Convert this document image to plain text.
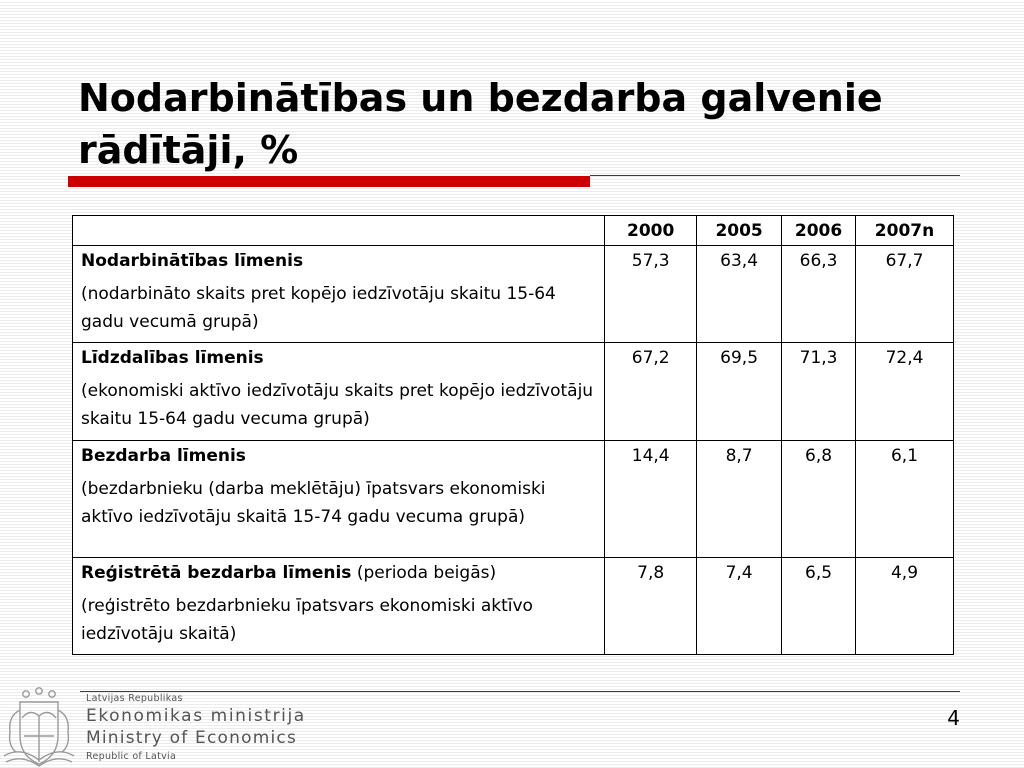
Nodarbinātības un bezdarba galvenie
rādītāji, %
	2000	2005	2006	2007n

Nodarbinātības līmenis
(nodarbināto skaits pret kopējo iedzīvotāju skaitu 15-64 gadu vecumā grupā)	57,3	63,4	66,3	67,7

Līdzdalības līmenis
(ekonomiski aktīvo iedzīvotāju skaits pret kopējo iedzīvotāju skaitu 15-64 gadu vecuma grupā)	67,2	69,5	71,3	72,4

Bezdarba līmenis
(bezdarbnieku (darba meklētāju) īpatsvars ekonomiski aktīvo iedzīvotāju skaitā 15-74 gadu vecuma grupā)	14,4	8,7	6,8	6,1

Reģistrētā bezdarba līmenis (perioda beigās)
(reģistrēto bezdarbnieku īpatsvars ekonomiski aktīvo iedzīvotāju skaitā)	7,8	7,4	6,5	4,9
4
Latvijas Republikas
Ekonomikas ministrija
Ministry of Economics
Republic of Latvia
